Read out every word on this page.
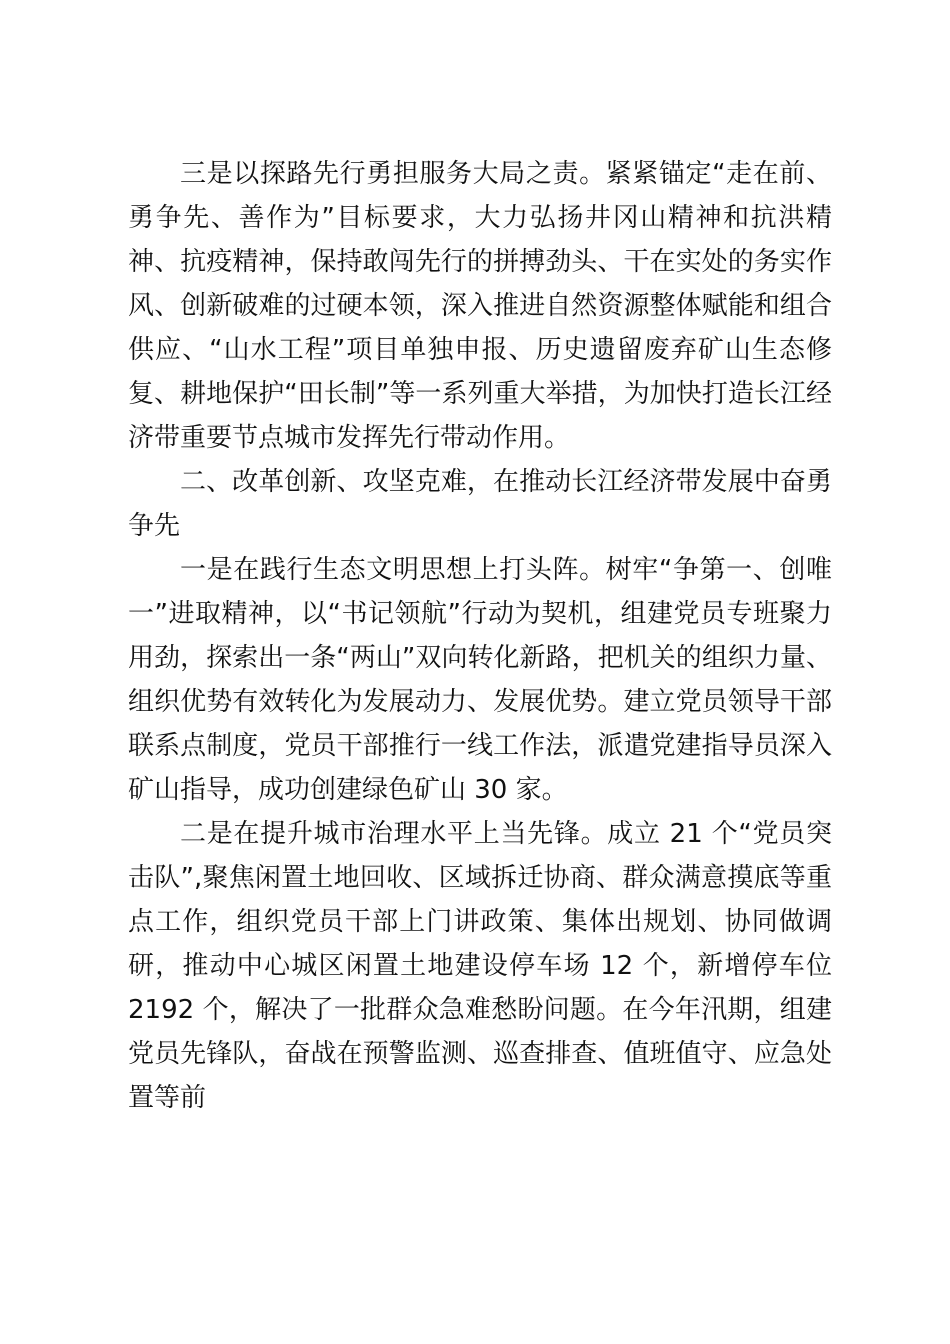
三是以探路先行勇担服务大局之责。紧紧锚定“走在前、勇争先、善作为”目标要求，大力弘扬井冈山精神和抗洪精神、抗疫精神，保持敢闯先行的拼搏劲头、干在实处的务实作风、创新破难的过硬本领，深入推进自然资源整体赋能和组合供应、“山水工程”项目单独申报、历史遗留废弃矿山生态修复、耕地保护“田长制”等一系列重大举措，为加快打造长江经济带重要节点城市发挥先行带动作用。

二、改革创新、攻坚克难，在推动长江经济带发展中奋勇争先

一是在践行生态文明思想上打头阵。树牢“争第一、创唯一”进取精神，以“书记领航”行动为契机，组建党员专班聚力用劲，探索出一条“两山”双向转化新路，把机关的组织力量、组织优势有效转化为发展动力、发展优势。建立党员领导干部联系点制度，党员干部推行一线工作法，派遣党建指导员深入矿山指导，成功创建绿色矿山 30 家。

二是在提升城市治理水平上当先锋。成立 21 个“党员突击队”,聚焦闲置土地回收、区域拆迁协商、群众满意摸底等重点工作，组织党员干部上门讲政策、集体出规划、协同做调研，推动中心城区闲置土地建设停车场 12 个，新增停车位 2192 个，解决了一批群众急难愁盼问题。在今年汛期，组建党员先锋队，奋战在预警监测、巡查排查、值班值守、应急处置等前
